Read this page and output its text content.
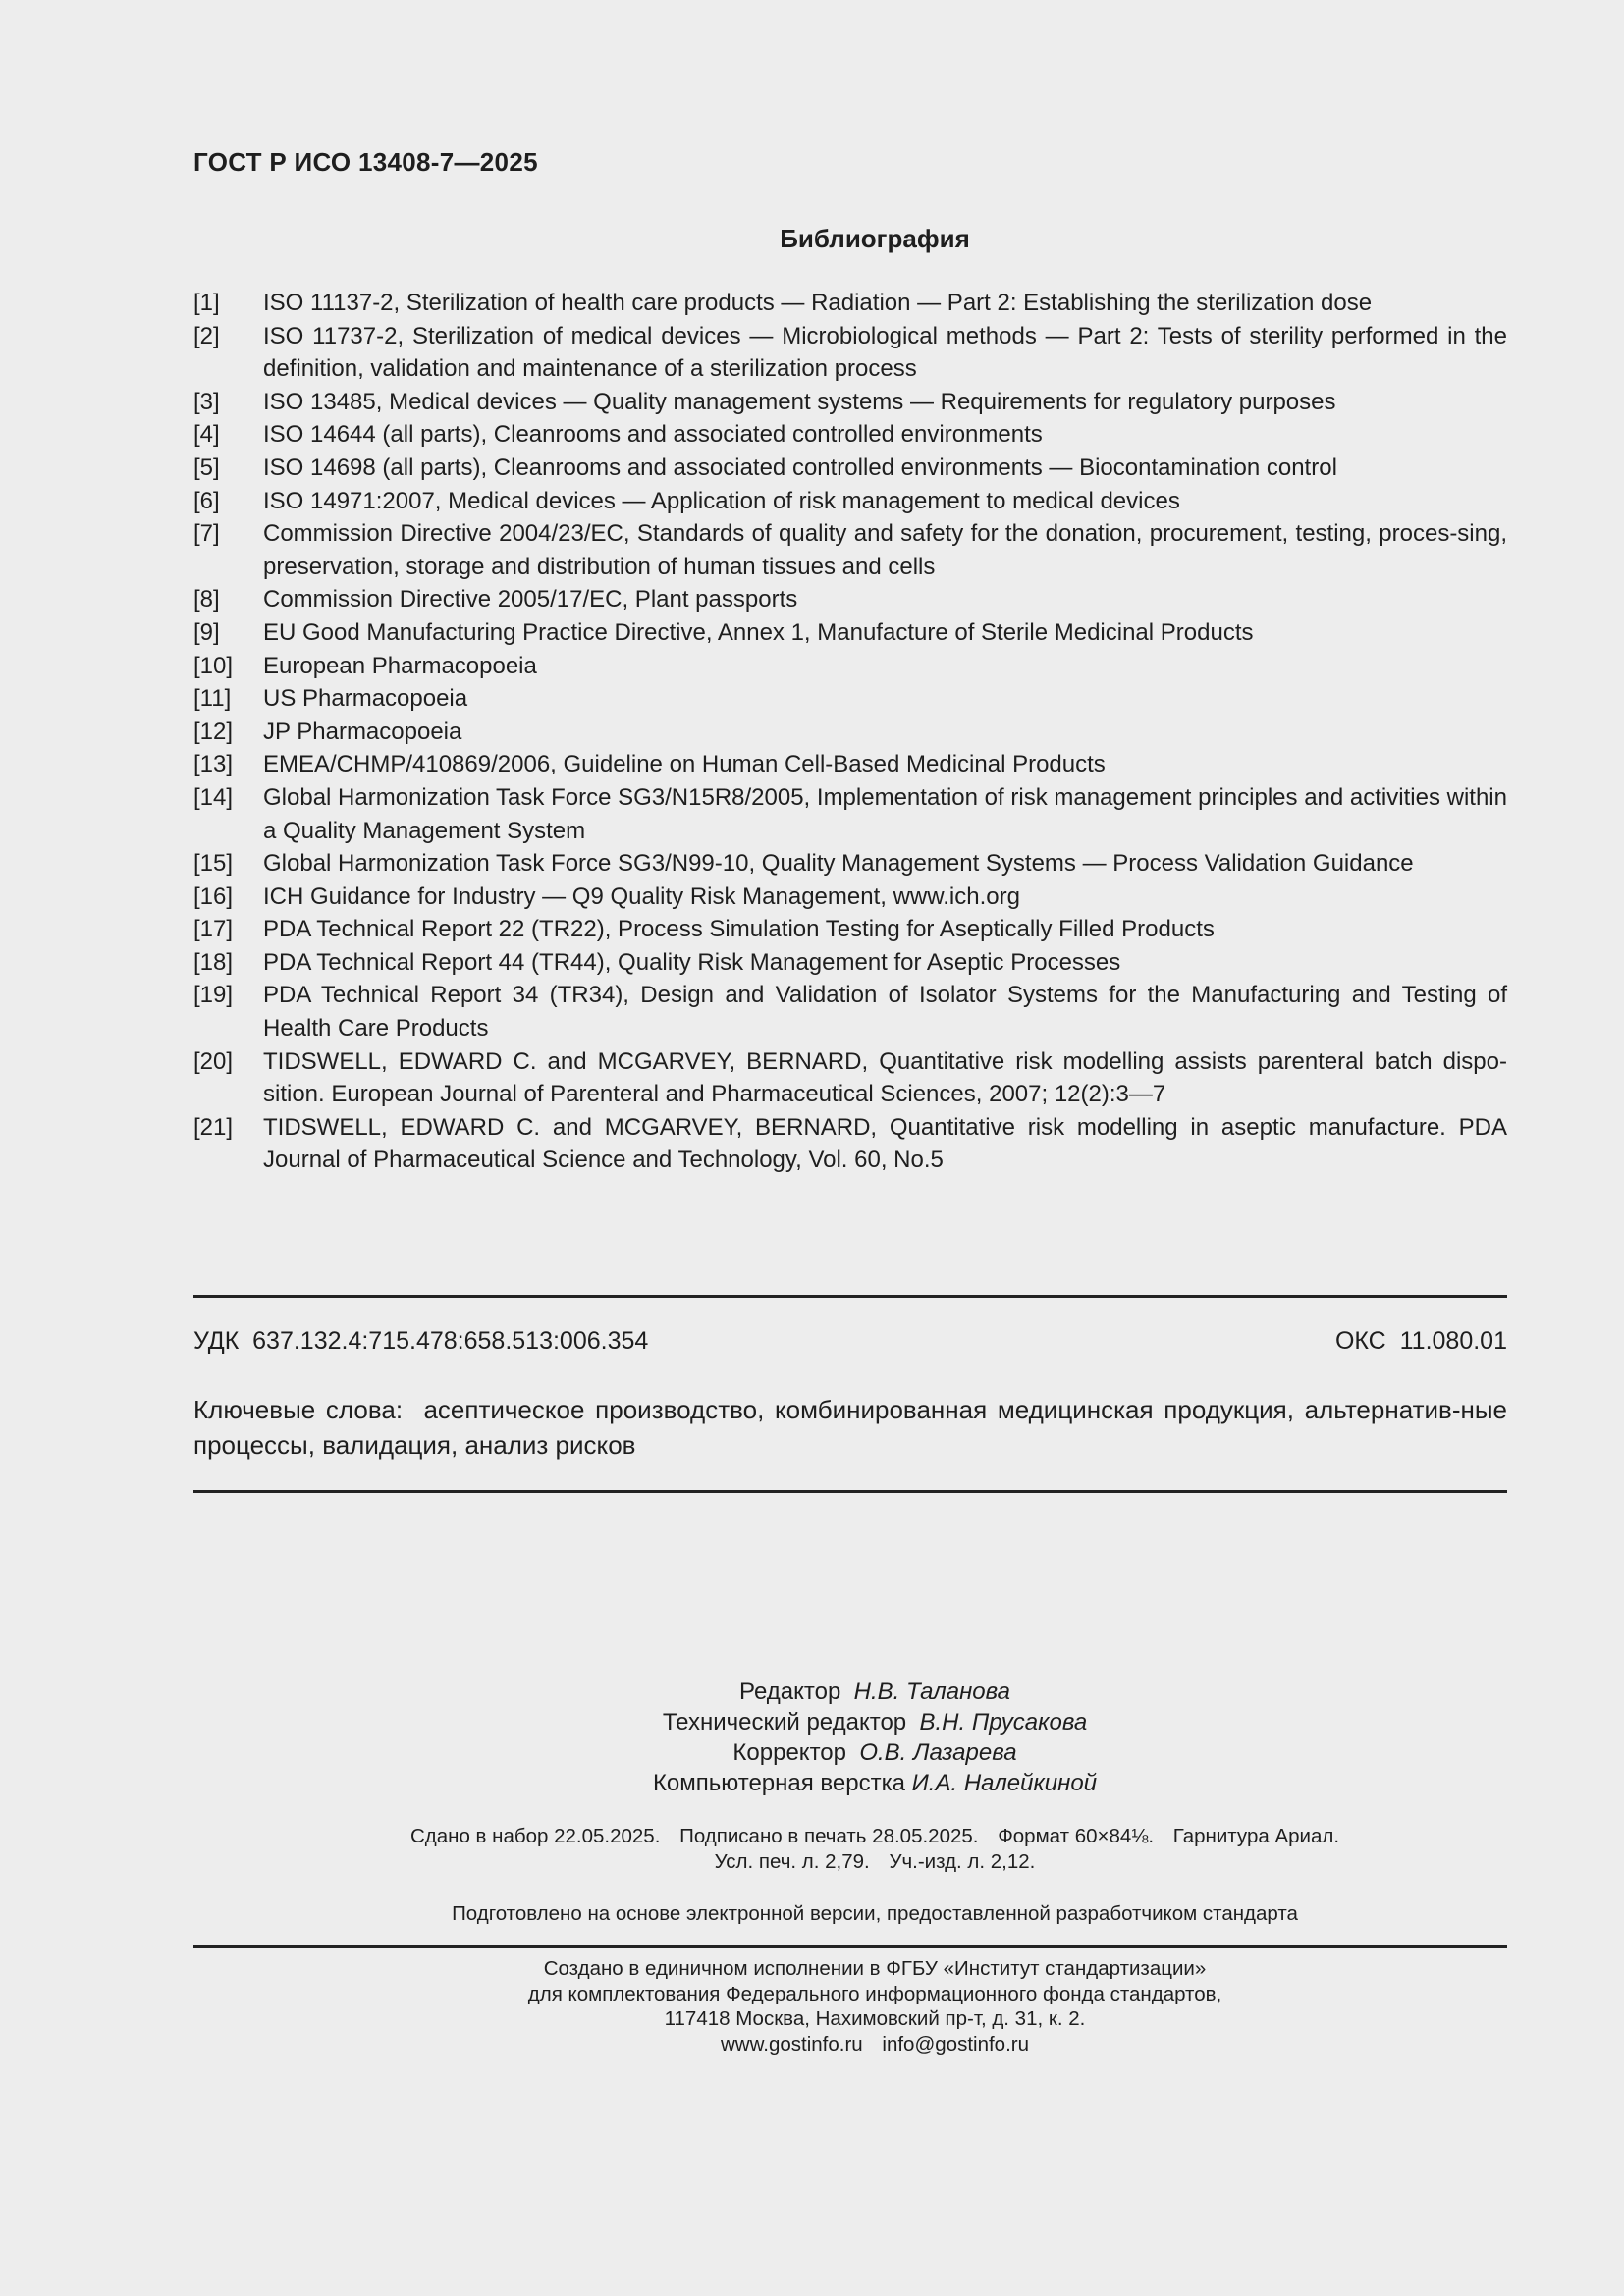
ГОСТ Р ИСО 13408-7—2025
Библиография
[1]	ISO 11137-2, Sterilization of health care products — Radiation — Part 2: Establishing the sterilization dose
[2]	ISO 11737-2, Sterilization of medical devices — Microbiological methods — Part 2: Tests of sterility performed in the definition, validation and maintenance of a sterilization process
[3]	ISO 13485, Medical devices — Quality management systems — Requirements for regulatory purposes
[4]	ISO 14644 (all parts), Cleanrooms and associated controlled environments
[5]	ISO 14698 (all parts), Cleanrooms and associated controlled environments — Biocontamination control
[6]	ISO 14971:2007, Medical devices — Application of risk management to medical devices
[7]	Commission Directive 2004/23/EC, Standards of quality and safety for the donation, procurement, testing, proces-sing, preservation, storage and distribution of human tissues and cells
[8]	Commission Directive 2005/17/EC, Plant passports
[9]	EU Good Manufacturing Practice Directive, Annex 1, Manufacture of Sterile Medicinal Products
[10]	European Pharmacopoeia
[11]	US Pharmacopoeia
[12]	JP Pharmacopoeia
[13]	EMEA/CHMP/410869/2006, Guideline on Human Cell-Based Medicinal Products
[14]	Global Harmonization Task Force SG3/N15R8/2005, Implementation of risk management principles and activities within a Quality Management System
[15]	Global Harmonization Task Force SG3/N99-10, Quality Management Systems — Process Validation Guidance
[16]	ICH Guidance for Industry — Q9 Quality Risk Management, www.ich.org
[17]	PDA Technical Report 22 (TR22), Process Simulation Testing for Aseptically Filled Products
[18]	PDA Technical Report 44 (TR44), Quality Risk Management for Aseptic Processes
[19]	PDA Technical Report 34 (TR34), Design and Validation of Isolator Systems for the Manufacturing and Testing of Health Care Products
[20]	TIDSWELL, EDWARD C. and MCGARVEY, BERNARD, Quantitative risk modelling assists parenteral batch dispo-sition. European Journal of Parenteral and Pharmaceutical Sciences, 2007; 12(2):3—7
[21]	TIDSWELL, EDWARD C. and MCGARVEY, BERNARD, Quantitative risk modelling in aseptic manufacture. PDA Journal of Pharmaceutical Science and Technology, Vol. 60, No.5
УДК  637.132.4:715.478:658.513:006.354	ОКС  11.080.01
Ключевые слова: асептическое производство, комбинированная медицинская продукция, альтернатив-ные процессы, валидация, анализ рисков
Редактор Н.В. Таланова
Технический редактор В.Н. Прусакова
Корректор О.В. Лазарева
Компьютерная верстка И.А. Налейкиной
Сдано в набор 22.05.2025. Подписано в печать 28.05.2025. Формат 60×84⅛. Гарнитура Ариал.
Усл. печ. л. 2,79. Уч.-изд. л. 2,12.
Подготовлено на основе электронной версии, предоставленной разработчиком стандарта
Создано в единичном исполнении в ФГБУ «Институт стандартизации»
для комплектования Федерального информационного фонда стандартов,
117418 Москва, Нахимовский пр-т, д. 31, к. 2.
www.gostinfo.ru info@gostinfo.ru
